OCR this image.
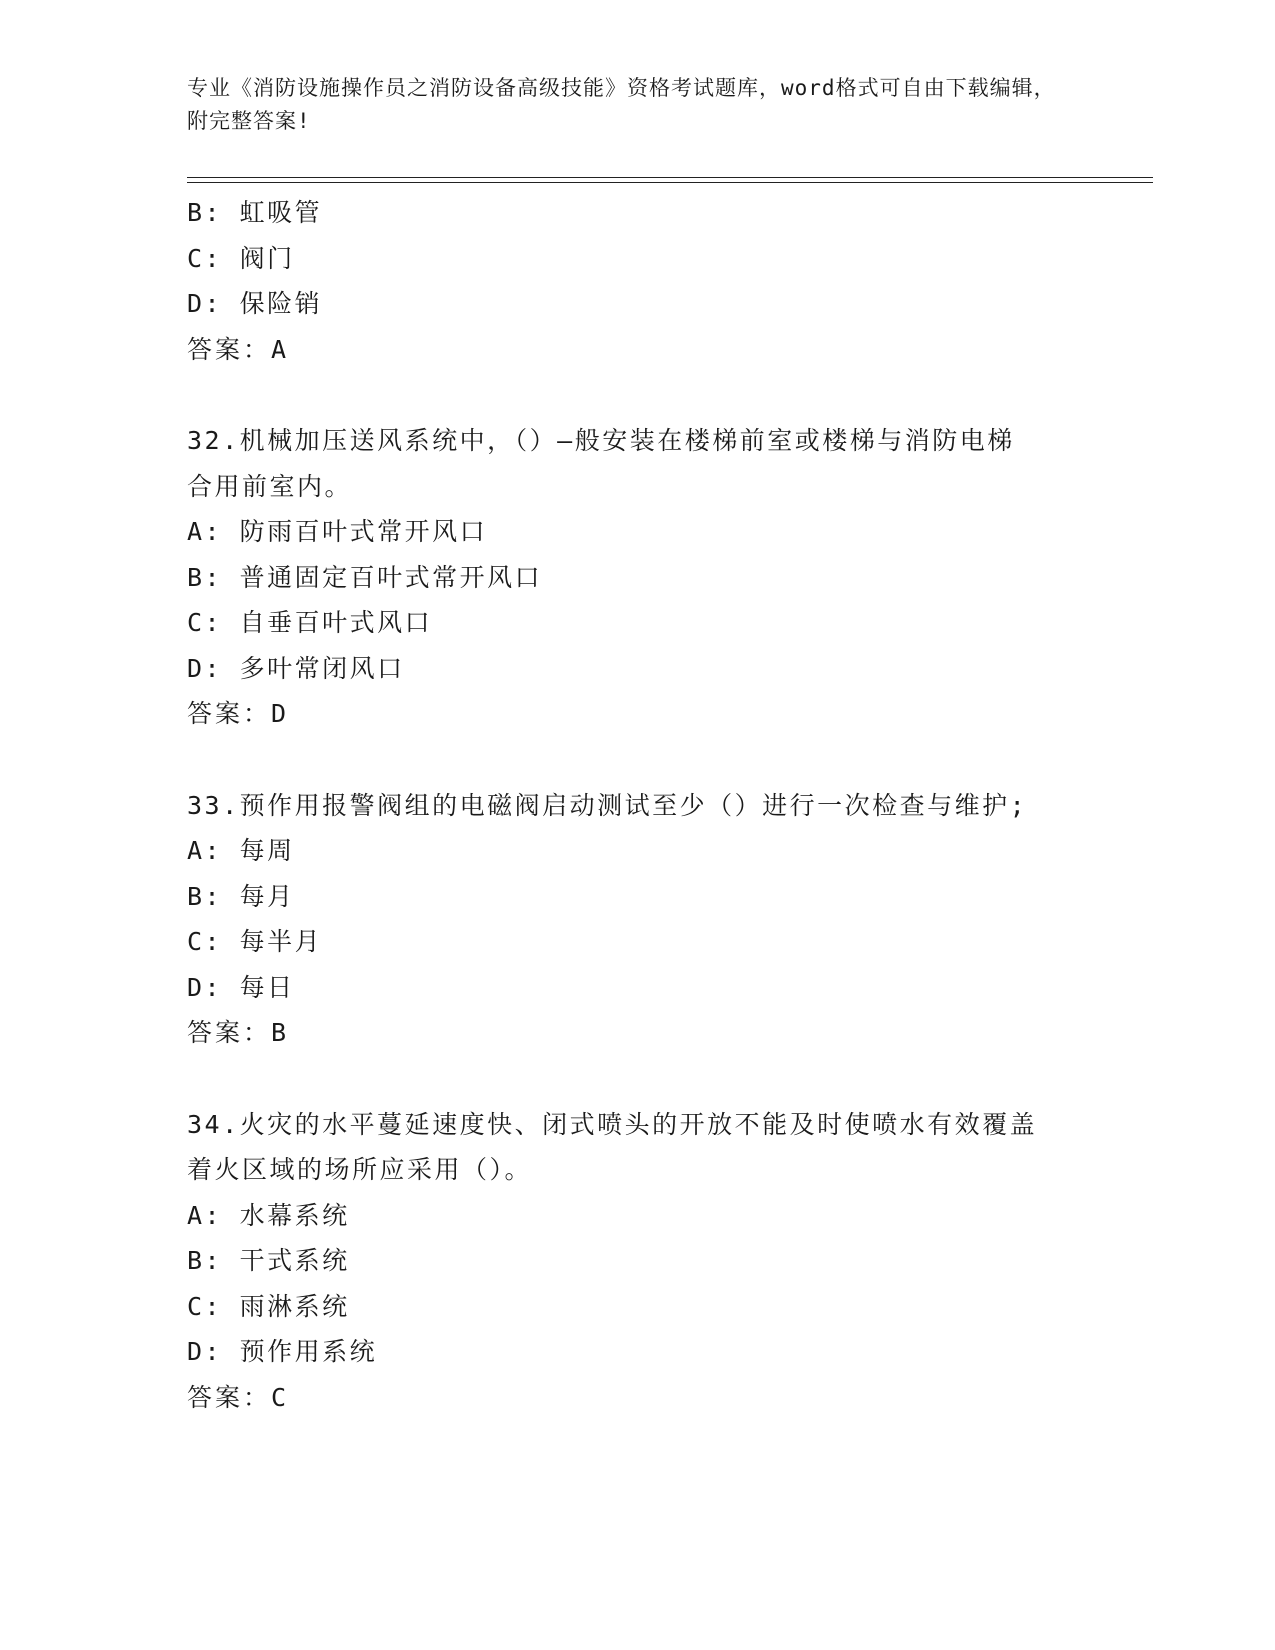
专业《消防设施操作员之消防设备高级技能》资格考试题库，word格式可自由下载编辑，附完整答案!
B: 虹吸管
C: 阀门
D: 保险销
答案：A
32.机械加压送风系统中，（）—般安装在楼梯前室或楼梯与消防电梯
合用前室内。
A: 防雨百叶式常开风口
B: 普通固定百叶式常开风口
C: 自垂百叶式风口
D: 多叶常闭风口
答案：D
33.预作用报警阀组的电磁阀启动测试至少（）进行一次检查与维护;
A: 每周
B: 每月
C: 每半月
D: 每日
答案：B
34.火灾的水平蔓延速度快、闭式喷头的开放不能及时使喷水有效覆盖
着火区域的场所应采用（）。
A: 水幕系统
B: 干式系统
C: 雨淋系统
D: 预作用系统
答案：C
